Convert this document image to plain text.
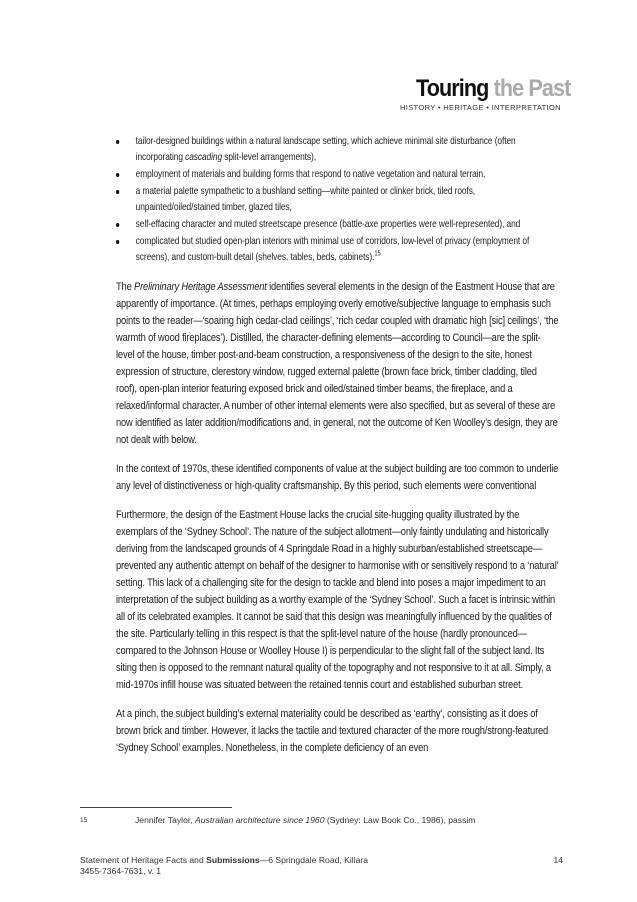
Touring the Past
HISTORY • HERITAGE • INTERPRETATION
tailor-designed buildings within a natural landscape setting, which achieve minimal site disturbance (often incorporating cascading split-level arrangements),
employment of materials and building forms that respond to native vegetation and natural terrain,
a material palette sympathetic to a bushland setting—white painted or clinker brick, tiled roofs, unpainted/oiled/stained timber, glazed tiles,
self-effacing character and muted streetscape presence (battle-axe properties were well-represented), and
complicated but studied open-plan interiors with minimal use of corridors, low-level of privacy (employment of screens), and custom-built detail (shelves, tables, beds, cabinets).$^{15}$

The Preliminary Heritage Assessment identifies several elements in the design of the Eastment House that are apparently of importance. (At times, perhaps employing overly emotive/subjective language to emphasis such points to the reader—‘soaring high cedar-clad ceilings’, ‘rich cedar coupled with dramatic high [sic] ceilings’, ‘the warmth of wood fireplaces’). Distilled, the character-defining elements—according to Council—are the split-level of the house, timber post-and-beam construction, a responsiveness of the design to the site, honest expression of structure, clerestory window, rugged external palette (brown face brick, timber cladding, tiled roof), open-plan interior featuring exposed brick and oiled/stained timber beams, the fireplace, and a relaxed/informal character. A number of other internal elements were also specified, but as several of these are now identified as later addition/modifications and, in general, not the outcome of Ken Woolley’s design, they are not dealt with below.

In the context of 1970s, these identified components of value at the subject building are too common to underlie any level of distinctiveness or high-quality craftsmanship. By this period, such elements were conventional

Furthermore, the design of the Eastment House lacks the crucial site-hugging quality illustrated by the exemplars of the ‘Sydney School’. The nature of the subject allotment—only faintly undulating and historically deriving from the landscaped grounds of 4 Springdale Road in a highly suburban/established streetscape—prevented any authentic attempt on behalf of the designer to harmonise with or sensitively respond to a ‘natural’ setting. This lack of a challenging site for the design to tackle and blend into poses a major impediment to an interpretation of the subject building as a worthy example of the ‘Sydney School’. Such a facet is intrinsic within all of its celebrated examples. It cannot be said that this design was meaningfully influenced by the qualities of the site. Particularly telling in this respect is that the split-level nature of the house (hardly pronounced—compared to the Johnson House or Woolley House I) is perpendicular to the slight fall of the subject land. Its siting then is opposed to the remnant natural quality of the topography and not responsive to it at all. Simply, a mid-1970s infill house was situated between the retained tennis court and established suburban street.

At a pinch, the subject building’s external materiality could be described as ‘earthy’, consisting as it does of brown brick and timber. However, it lacks the tactile and textured character of the more rough/strong-featured ‘Sydney School’ examples. Nonetheless, in the complete deficiency of an even

15	Jennifer Taylor, Australian architecture since 1960 (Sydney: Law Book Co., 1986), passim
Statement of Heritage Facts and Submissions—6 Springdale Road, Killara
3455-7364-7631, v. 1
14
